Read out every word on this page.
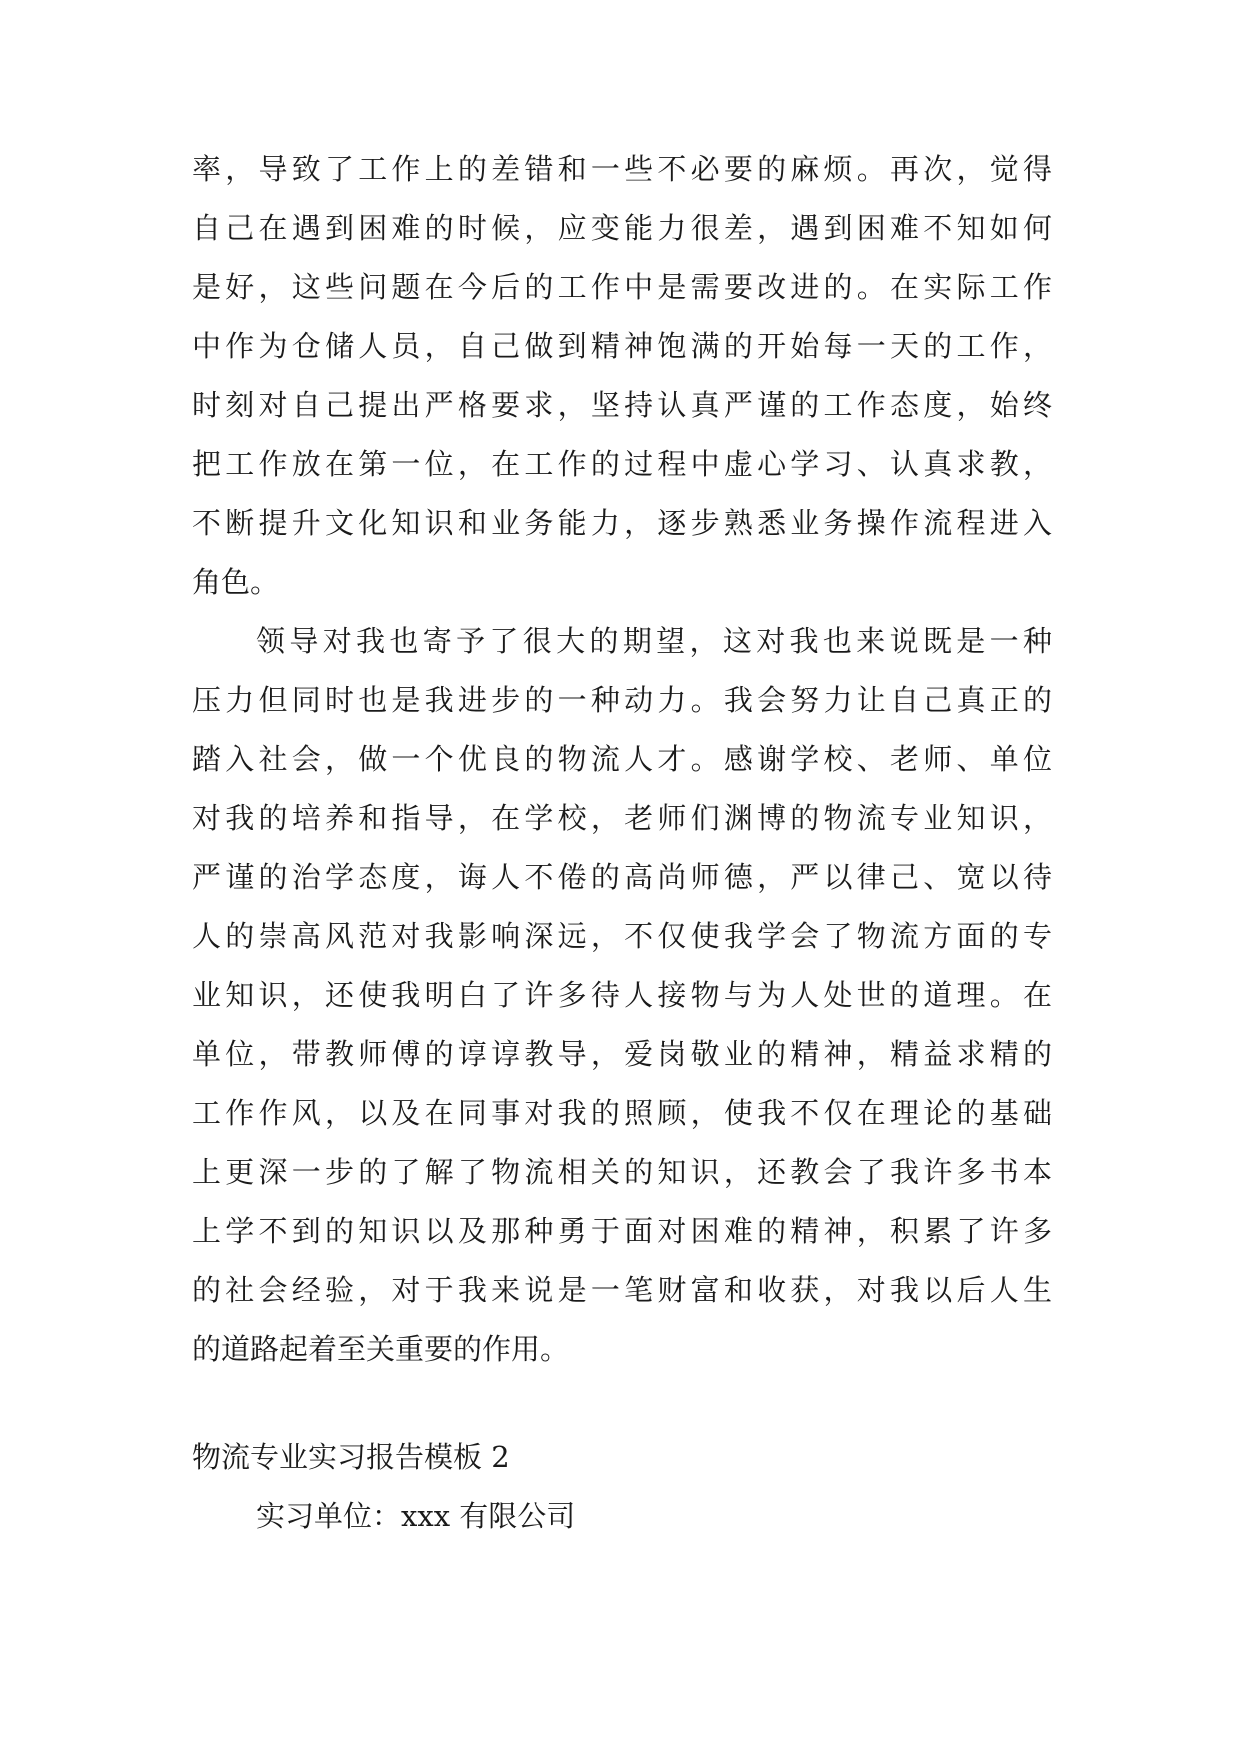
率，导致了工作上的差错和一些不必要的麻烦。再次，觉得
自己在遇到困难的时候，应变能力很差，遇到困难不知如何
是好，这些问题在今后的工作中是需要改进的。在实际工作
中作为仓储人员，自己做到精神饱满的开始每一天的工作，
时刻对自己提出严格要求，坚持认真严谨的工作态度，始终
把工作放在第一位，在工作的过程中虚心学习、认真求教，
不断提升文化知识和业务能力，逐步熟悉业务操作流程进入
角色。
领导对我也寄予了很大的期望，这对我也来说既是一种
压力但同时也是我进步的一种动力。我会努力让自己真正的
踏入社会，做一个优良的物流人才。感谢学校、老师、单位
对我的培养和指导，在学校，老师们渊博的物流专业知识，
严谨的治学态度，诲人不倦的高尚师德，严以律己、宽以待
人的崇高风范对我影响深远，不仅使我学会了物流方面的专
业知识，还使我明白了许多待人接物与为人处世的道理。在
单位，带教师傅的谆谆教导，爱岗敬业的精神，精益求精的
工作作风，以及在同事对我的照顾，使我不仅在理论的基础
上更深一步的了解了物流相关的知识，还教会了我许多书本
上学不到的知识以及那种勇于面对困难的精神，积累了许多
的社会经验，对于我来说是一笔财富和收获，对我以后人生
的道路起着至关重要的作用。
物流专业实习报告模板 2
实习单位：xxx 有限公司
